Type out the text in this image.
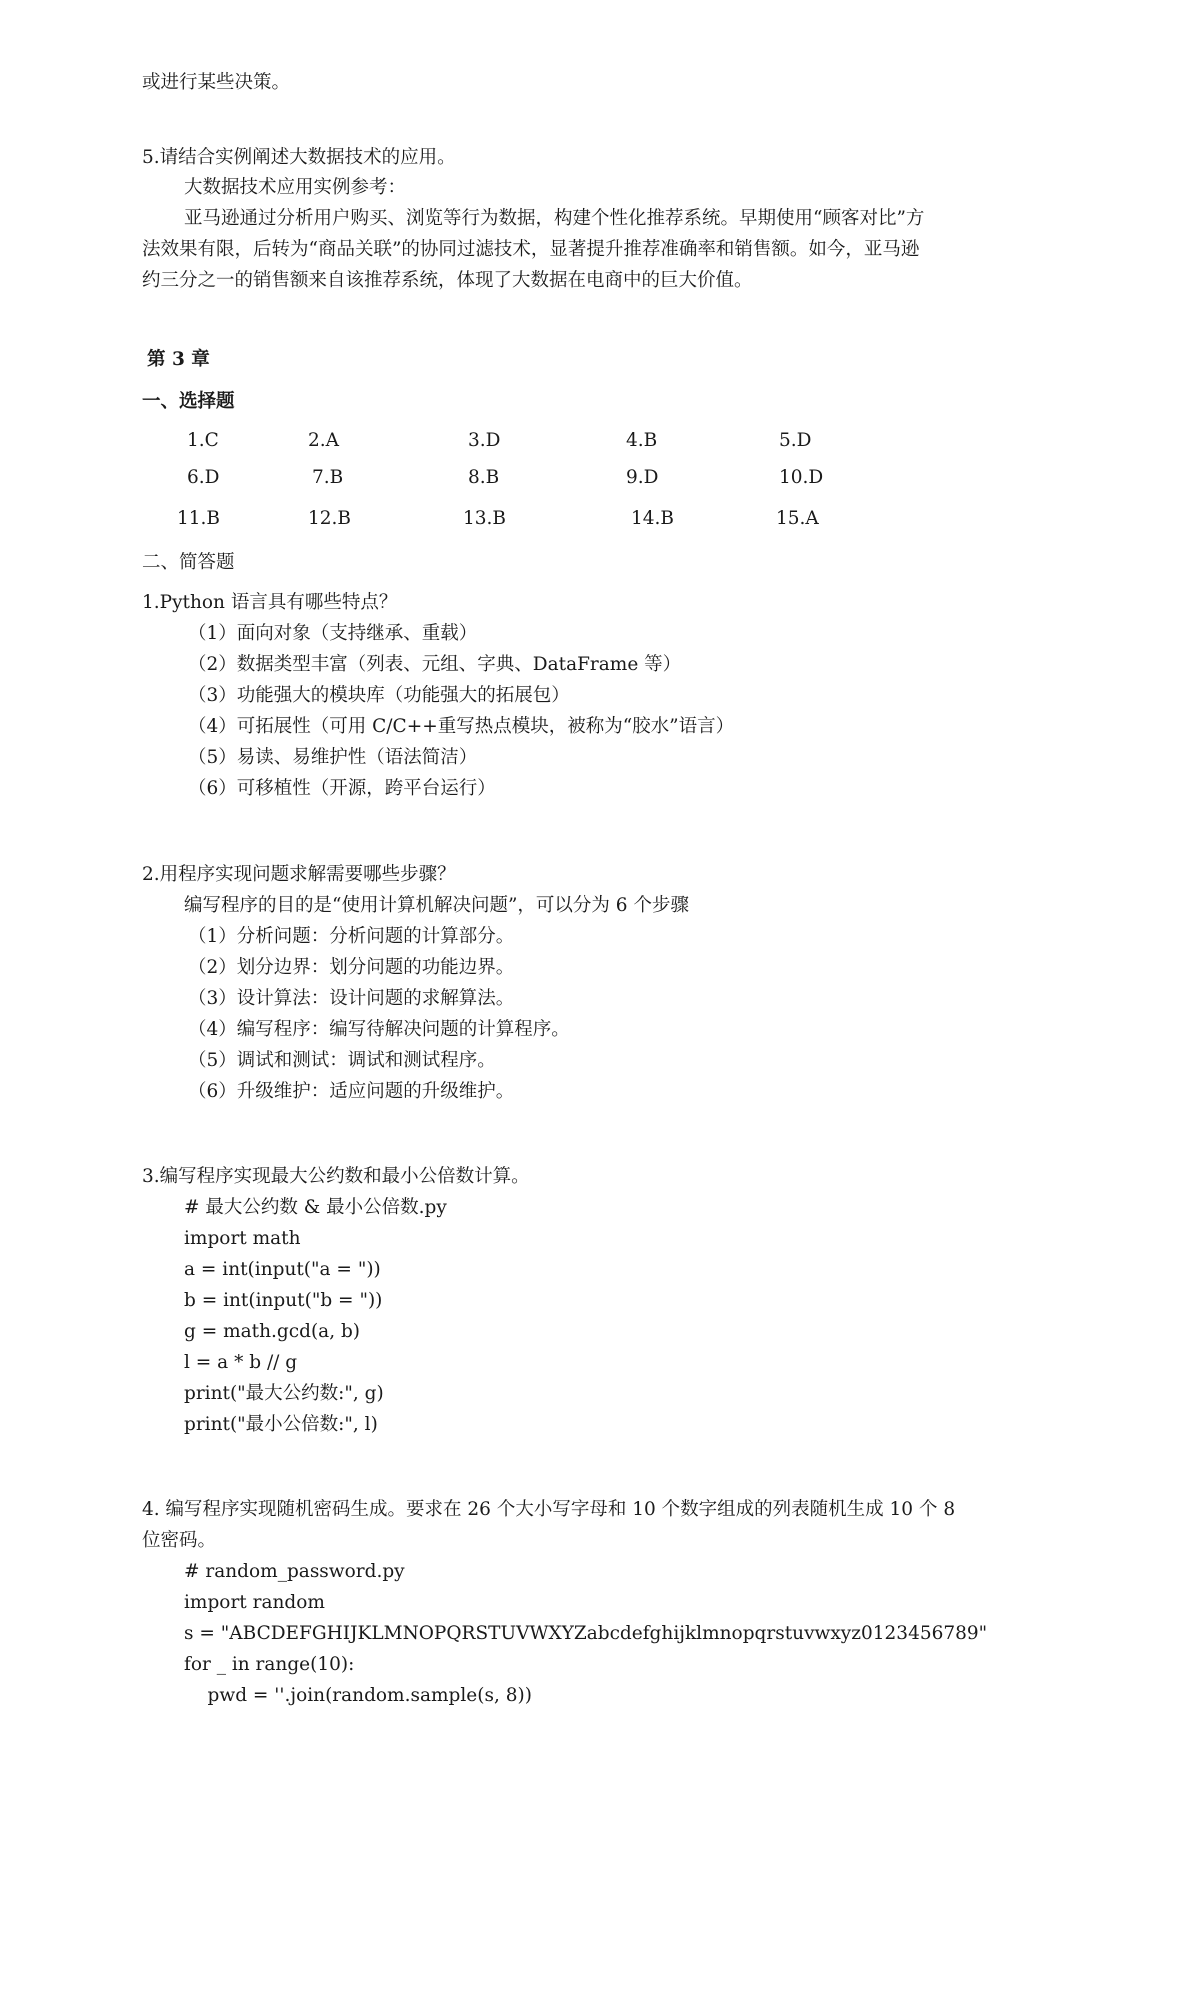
或进行某些决策。
5.请结合实例阐述大数据技术的应用。
大数据技术应用实例参考：
亚马逊通过分析用户购买、浏览等行为数据，构建个性化推荐系统。早期使用“顾客对比”方
法效果有限，后转为“商品关联”的协同过滤技术，显著提升推荐准确率和销售额。如今，亚马逊
约三分之一的销售额来自该推荐系统，体现了大数据在电商中的巨大价值。
第 3 章
一、选择题
1.C	2.A	3.D	4.B	5.D
6.D	7.B	8.B	9.D	10.D
11.B	12.B	13.B	14.B	15.A
二、简答题
1.Python 语言具有哪些特点？
（1）面向对象（支持继承、重载）
（2）数据类型丰富（列表、元组、字典、DataFrame 等）
（3）功能强大的模块库（功能强大的拓展包）
（4）可拓展性（可用 C/C++重写热点模块，被称为“胶水”语言）
（5）易读、易维护性（语法简洁）
（6）可移植性（开源，跨平台运行）
2.用程序实现问题求解需要哪些步骤？
编写程序的目的是“使用计算机解决问题”，可以分为 6 个步骤
（1）分析问题：分析问题的计算部分。
（2）划分边界：划分问题的功能边界。
（3）设计算法：设计问题的求解算法。
（4）编写程序：编写待解决问题的计算程序。
（5）调试和测试：调试和测试程序。
（6）升级维护：适应问题的升级维护。
3.编写程序实现最大公约数和最小公倍数计算。
# 最大公约数 & 最小公倍数.py
import math
a = int(input("a = "))
b = int(input("b = "))
g = math.gcd(a, b)
l = a * b // g
print("最大公约数:", g)
print("最小公倍数:", l)
4. 编写程序实现随机密码生成。要求在 26 个大小写字母和 10 个数字组成的列表随机生成 10 个 8
位密码。
# random_password.py
import random
s = "ABCDEFGHIJKLMNOPQRSTUVWXYZabcdefghijklmnopqrstuvwxyz0123456789"
for _ in range(10):
pwd = ''.join(random.sample(s, 8))
